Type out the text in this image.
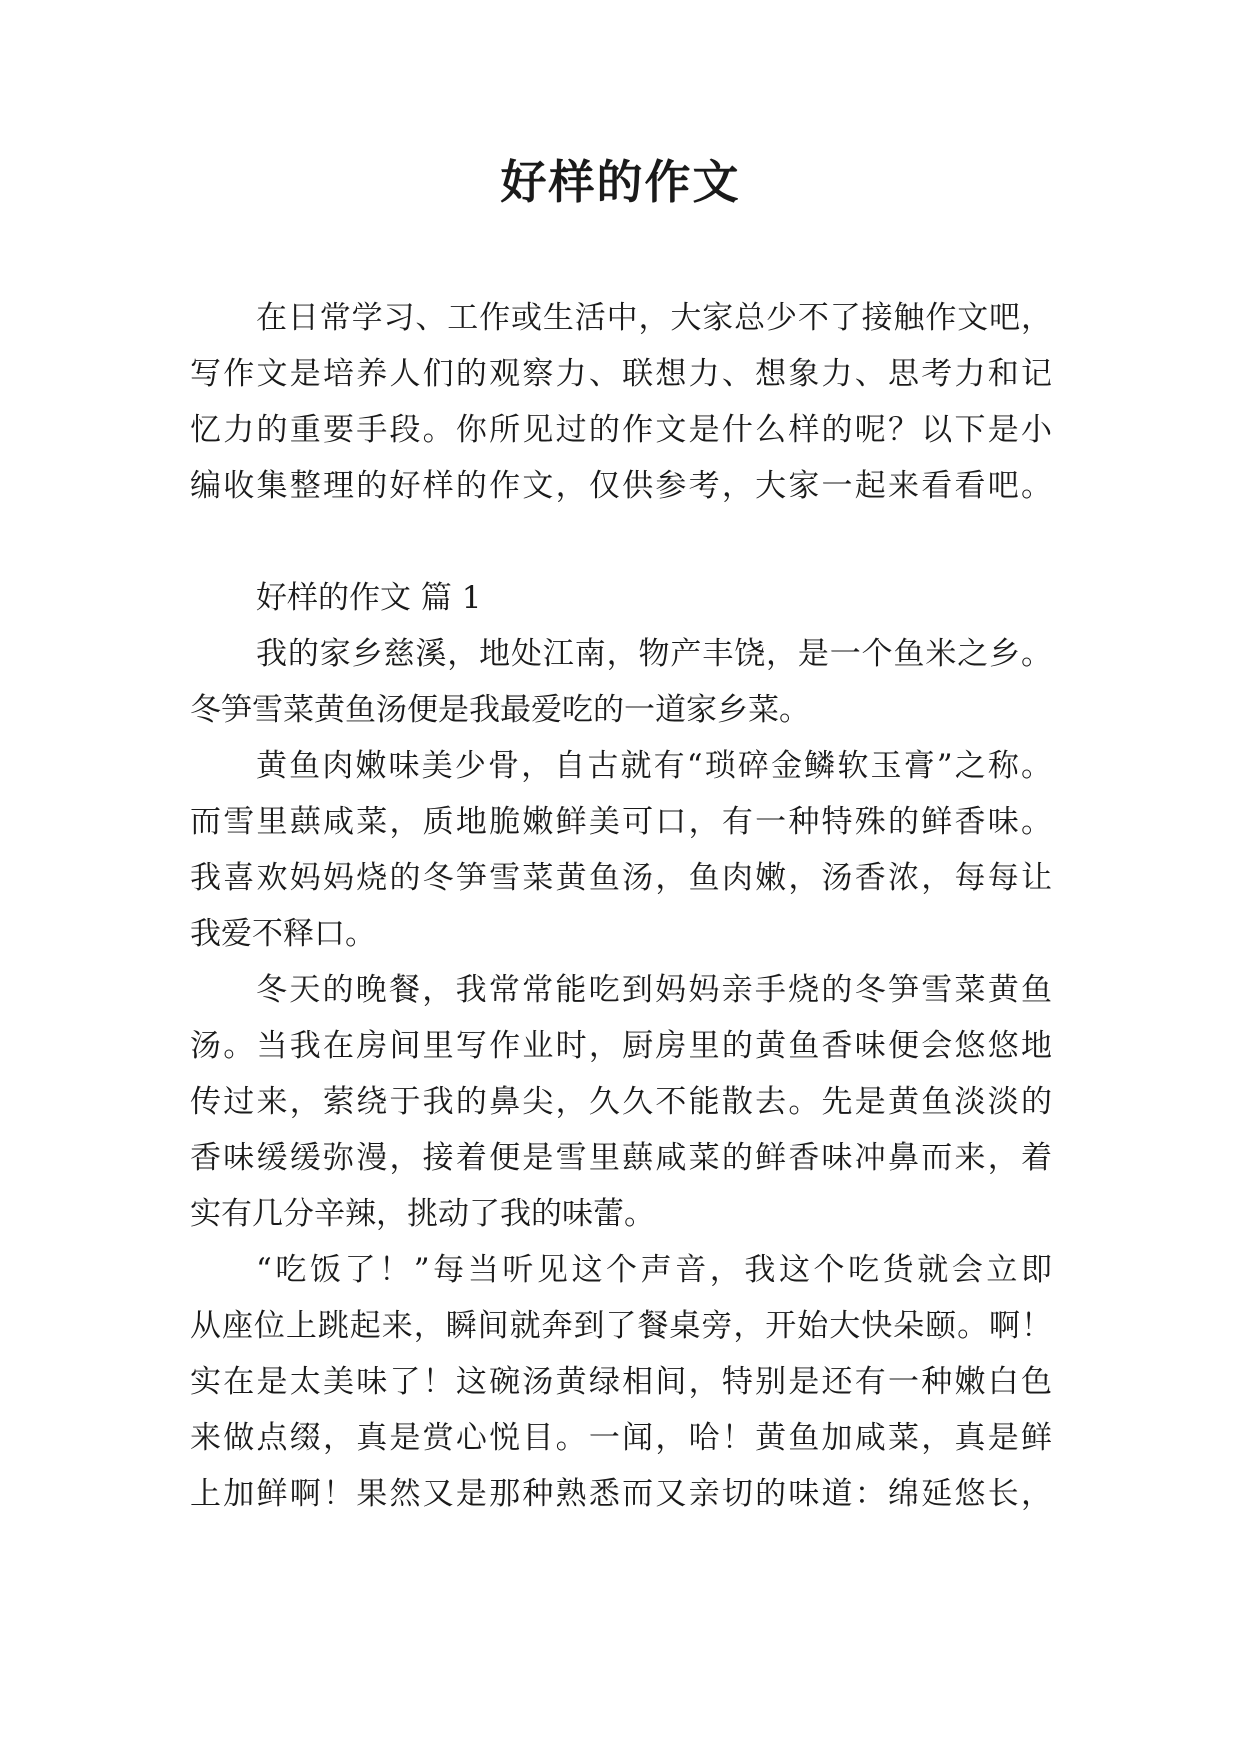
好样的作文
在日常学习、工作或生活中，大家总少不了接触作文吧，
写作文是培养人们的观察力、联想力、想象力、思考力和记
忆力的重要手段。你所见过的作文是什么样的呢？以下是小
编收集整理的好样的作文，仅供参考，大家一起来看看吧。
好样的作文 篇 1
我的家乡慈溪，地处江南，物产丰饶，是一个鱼米之乡。
冬笋雪菜黄鱼汤便是我最爱吃的一道家乡菜。
黄鱼肉嫩味美少骨，自古就有“琐碎金鳞软玉膏”之称。
而雪里蕻咸菜，质地脆嫩鲜美可口，有一种特殊的鲜香味。
我喜欢妈妈烧的冬笋雪菜黄鱼汤，鱼肉嫩，汤香浓，每每让
我爱不释口。
冬天的晚餐，我常常能吃到妈妈亲手烧的冬笋雪菜黄鱼
汤。当我在房间里写作业时，厨房里的黄鱼香味便会悠悠地
传过来，萦绕于我的鼻尖，久久不能散去。先是黄鱼淡淡的
香味缓缓弥漫，接着便是雪里蕻咸菜的鲜香味冲鼻而来，着
实有几分辛辣，挑动了我的味蕾。
“吃饭了！”每当听见这个声音，我这个吃货就会立即
从座位上跳起来，瞬间就奔到了餐桌旁，开始大快朵颐。啊！
实在是太美味了！这碗汤黄绿相间，特别是还有一种嫩白色
来做点缀，真是赏心悦目。一闻，哈！黄鱼加咸菜，真是鲜
上加鲜啊！果然又是那种熟悉而又亲切的味道：绵延悠长，
